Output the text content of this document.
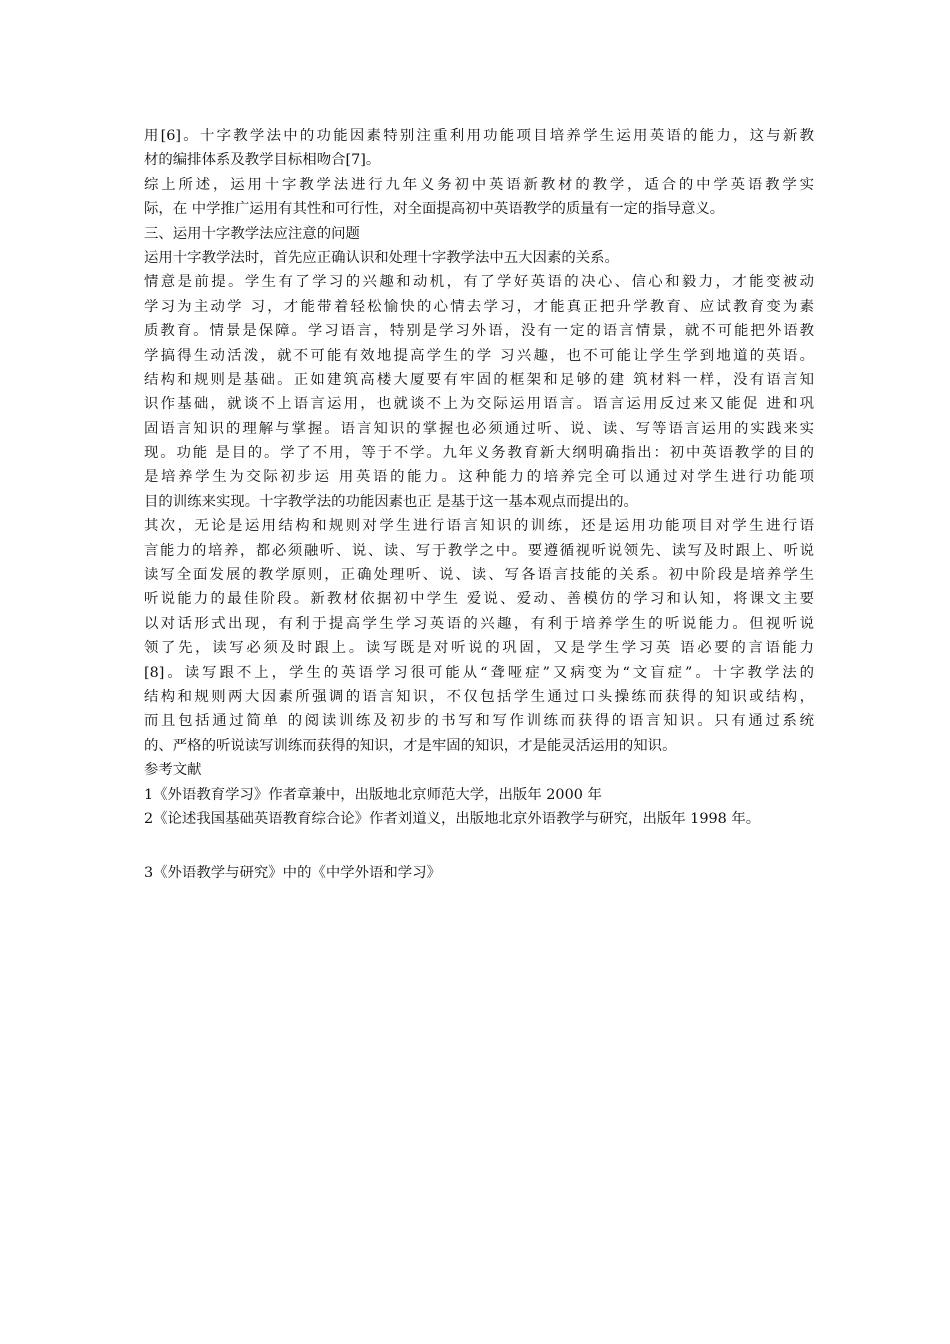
用[6]。十字教学法中的功能因素特别注重利用功能项目培养学生运用英语的能力，这与新教
材的编排体系及教学目标相吻合[7]。
综上所述，运用十字教学法进行九年义务初中英语新教材的教学，适合的中学英语教学实
际，在 中学推广运用有其性和可行性，对全面提高初中英语教学的质量有一定的指导意义。
三、运用十字教学法应注意的问题
运用十字教学法时，首先应正确认识和处理十字教学法中五大因素的关系。
情意是前提。学生有了学习的兴趣和动机，有了学好英语的决心、信心和毅力，才能变被动
学习为主动学 习，才能带着轻松愉快的心情去学习，才能真正把升学教育、应试教育变为素
质教育。情景是保障。学习语言，特别是学习外语，没有一定的语言情景，就不可能把外语教
学搞得生动活泼，就不可能有效地提高学生的学 习兴趣，也不可能让学生学到地道的英语。
结构和规则是基础。正如建筑高楼大厦要有牢固的框架和足够的建 筑材料一样，没有语言知
识作基础，就谈不上语言运用，也就谈不上为交际运用语言。语言运用反过来又能促 进和巩
固语言知识的理解与掌握。语言知识的掌握也必须通过听、说、读、写等语言运用的实践来实
现。功能 是目的。学了不用，等于不学。九年义务教育新大纲明确指出：初中英语教学的目的
是培养学生为交际初步运 用英语的能力。这种能力的培养完全可以通过对学生进行功能项
目的训练来实现。十字教学法的功能因素也正 是基于这一基本观点而提出的。
其次，无论是运用结构和规则对学生进行语言知识的训练，还是运用功能项目对学生进行语
言能力的培养，都必须融听、说、读、写于教学之中。要遵循视听说领先、读写及时跟上、听说
读写全面发展的教学原则，正确处理听、说、读、写各语言技能的关系。初中阶段是培养学生
听说能力的最佳阶段。新教材依据初中学生 爱说、爱动、善模仿的学习和认知，将课文主要
以对话形式出现，有利于提高学生学习英语的兴趣，有利于培养学生的听说能力。但视听说
领了先，读写必须及时跟上。读写既是对听说的巩固，又是学生学习英 语必要的言语能力
[8]。读写跟不上，学生的英语学习很可能从“聋哑症”又病变为“文盲症”。十字教学法的
结构和规则两大因素所强调的语言知识，不仅包括学生通过口头操练而获得的知识或结构，
而且包括通过简单 的阅读训练及初步的书写和写作训练而获得的语言知识。只有通过系统
的、严格的听说读写训练而获得的知识，才是牢固的知识，才是能灵活运用的知识。
参考文献
1《外语教育学习》作者章兼中，出版地北京师范大学，出版年 2000 年
2《论述我国基础英语教育综合论》作者刘道义，出版地北京外语教学与研究，出版年 1998 年。
3《外语教学与研究》中的《中学外语和学习》
